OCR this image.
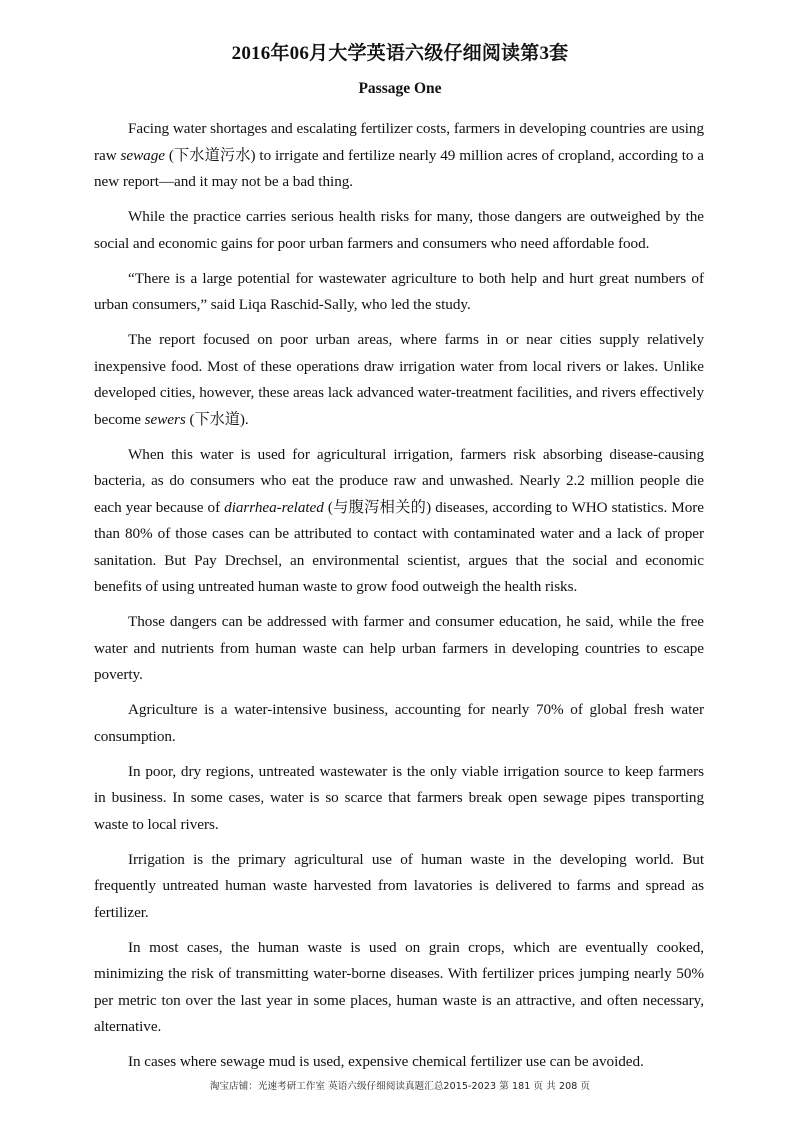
2016年06月大学英语六级仔细阅读第3套
Passage One

Facing water shortages and escalating fertilizer costs, farmers in developing countries are using raw sewage (下水道污水) to irrigate and fertilize nearly 49 million acres of cropland, according to a new report—and it may not be a bad thing.

While the practice carries serious health risks for many, those dangers are outweighed by the social and economic gains for poor urban farmers and consumers who need affordable food.

“There is a large potential for wastewater agriculture to both help and hurt great numbers of urban consumers,” said Liqa Raschid-Sally, who led the study.

The report focused on poor urban areas, where farms in or near cities supply relatively inexpensive food. Most of these operations draw irrigation water from local rivers or lakes. Unlike developed cities, however, these areas lack advanced water-treatment facilities, and rivers effectively become sewers (下水道).

When this water is used for agricultural irrigation, farmers risk absorbing disease-causing bacteria, as do consumers who eat the produce raw and unwashed. Nearly 2.2 million people die each year because of diarrhea-related (与腹泻相关的) diseases, according to WHO statistics. More than 80% of those cases can be attributed to contact with contaminated water and a lack of proper sanitation. But Pay Drechsel, an environmental scientist, argues that the social and economic benefits of using untreated human waste to grow food outweigh the health risks.

Those dangers can be addressed with farmer and consumer education, he said, while the free water and nutrients from human waste can help urban farmers in developing countries to escape poverty.

Agriculture is a water-intensive business, accounting for nearly 70% of global fresh water consumption.

In poor, dry regions, untreated wastewater is the only viable irrigation source to keep farmers in business. In some cases, water is so scarce that farmers break open sewage pipes transporting waste to local rivers.

Irrigation is the primary agricultural use of human waste in the developing world. But frequently untreated human waste harvested from lavatories is delivered to farms and spread as fertilizer.

In most cases, the human waste is used on grain crops, which are eventually cooked, minimizing the risk of transmitting water-borne diseases. With fertilizer prices jumping nearly 50% per metric ton over the last year in some places, human waste is an attractive, and often necessary, alternative.

In cases where sewage mud is used, expensive chemical fertilizer use can be avoided.

淘宝店铺：光速考研工作室 英语六级仔细阅读真题汇总2015-2023 第 181 页 共 208 页
